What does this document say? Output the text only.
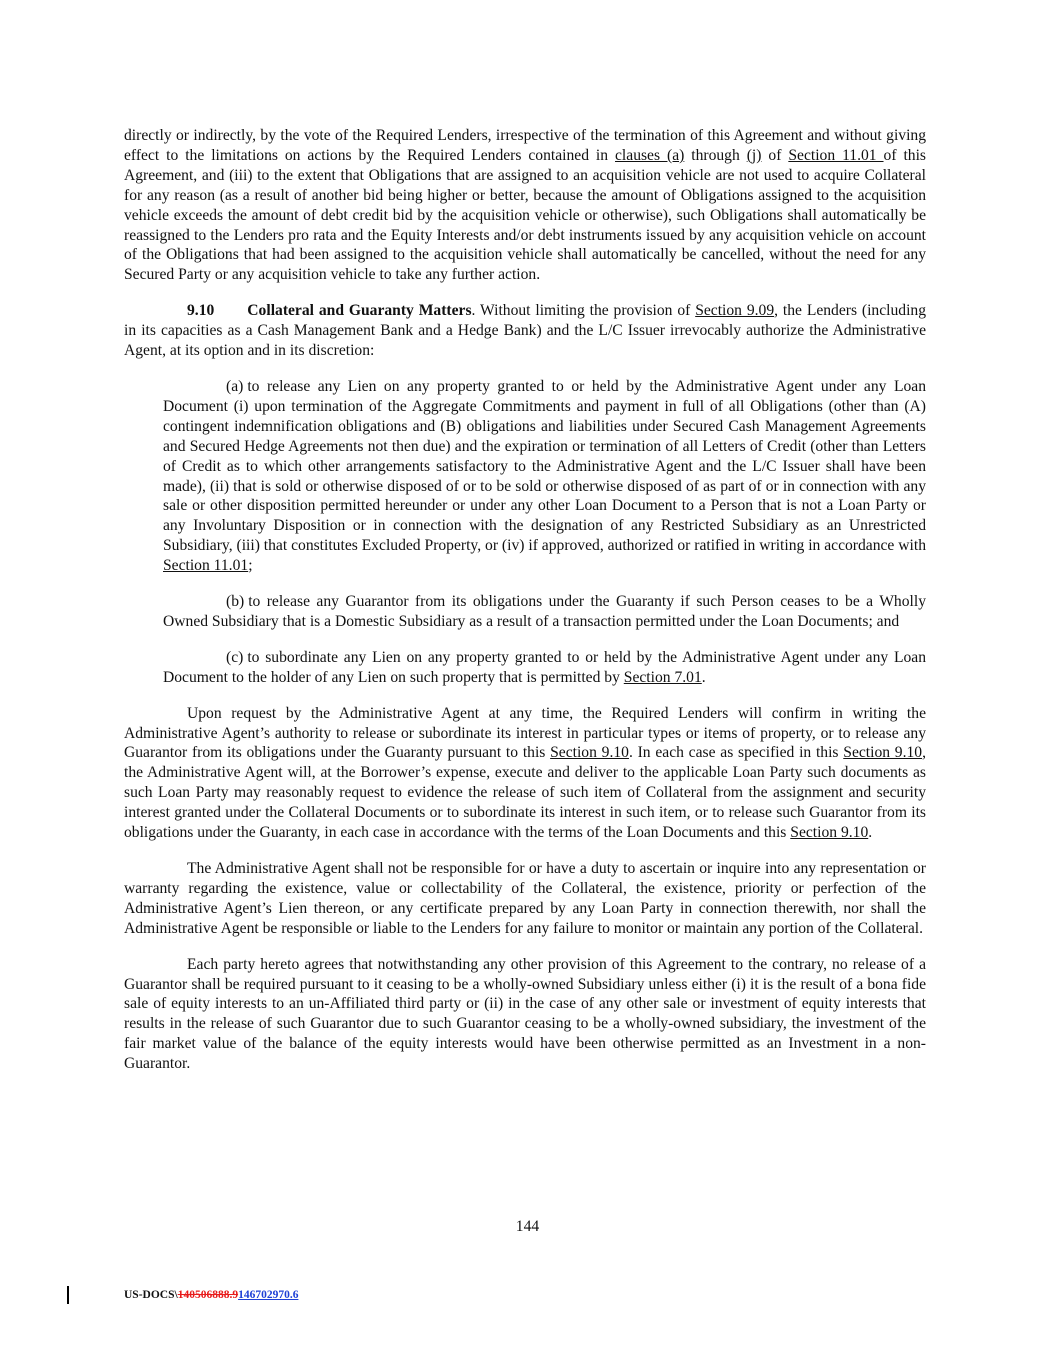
directly or indirectly, by the vote of the Required Lenders, irrespective of the termination of this Agreement and without giving effect to the limitations on actions by the Required Lenders contained in clauses (a) through (j) of Section 11.01 of this Agreement, and (iii) to the extent that Obligations that are assigned to an acquisition vehicle are not used to acquire Collateral for any reason (as a result of another bid being higher or better, because the amount of Obligations assigned to the acquisition vehicle exceeds the amount of debt credit bid by the acquisition vehicle or otherwise), such Obligations shall automatically be reassigned to the Lenders pro rata and the Equity Interests and/or debt instruments issued by any acquisition vehicle on account of the Obligations that had been assigned to the acquisition vehicle shall automatically be cancelled, without the need for any Secured Party or any acquisition vehicle to take any further action.

9.10 Collateral and Guaranty Matters. Without limiting the provision of Section 9.09, the Lenders (including in its capacities as a Cash Management Bank and a Hedge Bank) and the L/C Issuer irrevocably authorize the Administrative Agent, at its option and in its discretion:

(a) to release any Lien on any property granted to or held by the Administrative Agent under any Loan Document (i) upon termination of the Aggregate Commitments and payment in full of all Obligations (other than (A) contingent indemnification obligations and (B) obligations and liabilities under Secured Cash Management Agreements and Secured Hedge Agreements not then due) and the expiration or termination of all Letters of Credit (other than Letters of Credit as to which other arrangements satisfactory to the Administrative Agent and the L/C Issuer shall have been made), (ii) that is sold or otherwise disposed of or to be sold or otherwise disposed of as part of or in connection with any sale or other disposition permitted hereunder or under any other Loan Document to a Person that is not a Loan Party or any Involuntary Disposition or in connection with the designation of any Restricted Subsidiary as an Unrestricted Subsidiary, (iii) that constitutes Excluded Property, or (iv) if approved, authorized or ratified in writing in accordance with Section 11.01;

(b) to release any Guarantor from its obligations under the Guaranty if such Person ceases to be a Wholly Owned Subsidiary that is a Domestic Subsidiary as a result of a transaction permitted under the Loan Documents; and

(c) to subordinate any Lien on any property granted to or held by the Administrative Agent under any Loan Document to the holder of any Lien on such property that is permitted by Section 7.01.

Upon request by the Administrative Agent at any time, the Required Lenders will confirm in writing the Administrative Agent’s authority to release or subordinate its interest in particular types or items of property, or to release any Guarantor from its obligations under the Guaranty pursuant to this Section 9.10. In each case as specified in this Section 9.10, the Administrative Agent will, at the Borrower’s expense, execute and deliver to the applicable Loan Party such documents as such Loan Party may reasonably request to evidence the release of such item of Collateral from the assignment and security interest granted under the Collateral Documents or to subordinate its interest in such item, or to release such Guarantor from its obligations under the Guaranty, in each case in accordance with the terms of the Loan Documents and this Section 9.10.

The Administrative Agent shall not be responsible for or have a duty to ascertain or inquire into any representation or warranty regarding the existence, value or collectability of the Collateral, the existence, priority or perfection of the Administrative Agent’s Lien thereon, or any certificate prepared by any Loan Party in connection therewith, nor shall the Administrative Agent be responsible or liable to the Lenders for any failure to monitor or maintain any portion of the Collateral.

Each party hereto agrees that notwithstanding any other provision of this Agreement to the contrary, no release of a Guarantor shall be required pursuant to it ceasing to be a wholly-owned Subsidiary unless either (i) it is the result of a bona fide sale of equity interests to an un-Affiliated third party or (ii) in the case of any other sale or investment of equity interests that results in the release of such Guarantor due to such Guarantor ceasing to be a wholly-owned subsidiary, the investment of the fair market value of the balance of the equity interests would have been otherwise permitted as an Investment in a non-Guarantor.

144
US-DOCS\140506888.9146702970.6
